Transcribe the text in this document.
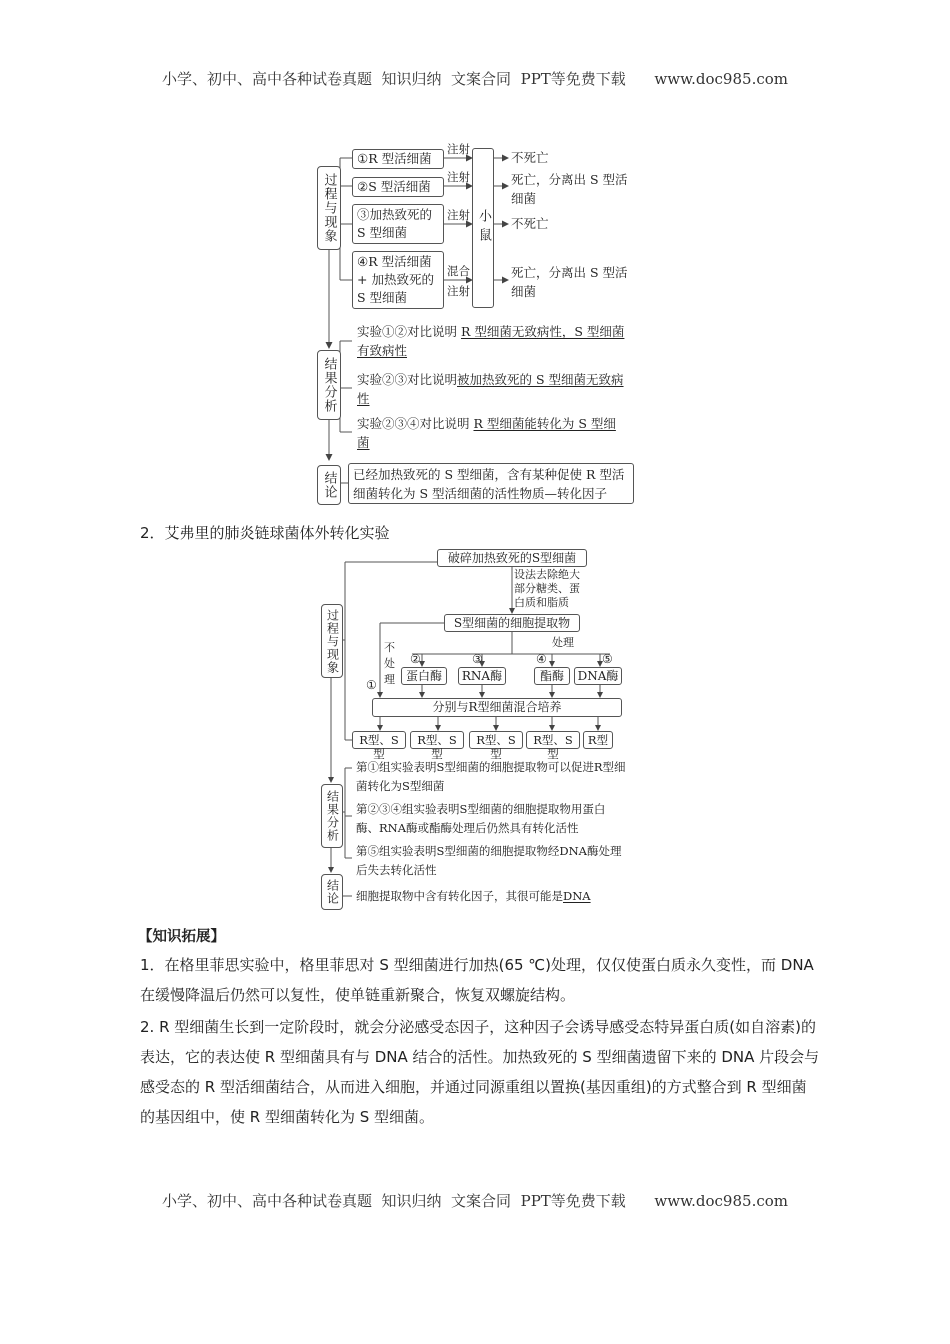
小学、初中、高中各种试卷真题  知识归纳  文案合同  PPT等免费下载      www.doc985.com
过程与现象
结果分析
结论
①R 型活细菌
②S 型活细菌
③加热致死的S 型细菌
④R 型活细菌+ 加热致死的S 型细菌
注射
注射
注射
混合
注射
小鼠
不死亡
死亡，分离出 S 型活细菌
不死亡
死亡，分离出 S 型活细菌
实验①②对比说明 R 型细菌无致病性，S 型细菌有致病性
实验②③对比说明被加热致死的 S 型细菌无致病性
实验②③④对比说明 R 型细菌能转化为 S 型细菌
已经加热致死的 S 型细菌，含有某种促使 R 型活细菌转化为 S 型活细菌的活性物质—转化因子
2．艾弗里的肺炎链球菌体外转化实验
过程与现象
结果分析
结论
破碎加热致死的S型细菌
设法去除绝大部分糖类、蛋白质和脂质
S型细菌的细胞提取物
不处理
处理
①
②	③	④	⑤
蛋白酶	RNA酶	酯酶	DNA酶
分别与R型细菌混合培养
R型、S型
R型、S型
R型、S型
R型、S型
R型
第①组实验表明S型细菌的细胞提取物可以促进R型细菌转化为S型细菌
第②③④组实验表明S型细菌的细胞提取物用蛋白酶、RNA酶或酯酶处理后仍然具有转化活性
第⑤组实验表明S型细菌的细胞提取物经DNA酶处理后失去转化活性
细胞提取物中含有转化因子，其很可能是DNA
【知识拓展】
1．在格里菲思实验中，格里菲思对 S 型细菌进行加热(65 ℃)处理，仅仅使蛋白质永久变性，而 DNA 在缓慢降温后仍然可以复性，使单链重新聚合，恢复双螺旋结构。
2. R 型细菌生长到一定阶段时，就会分泌感受态因子，这种因子会诱导感受态特异蛋白质(如自溶素)的表达，它的表达使 R 型细菌具有与 DNA 结合的活性。加热致死的 S 型细菌遗留下来的 DNA 片段会与感受态的 R 型活细菌结合，从而进入细胞，并通过同源重组以置换(基因重组)的方式整合到 R 型细菌的基因组中，使 R 型细菌转化为 S 型细菌。
小学、初中、高中各种试卷真题  知识归纳  文案合同  PPT等免费下载      www.doc985.com
